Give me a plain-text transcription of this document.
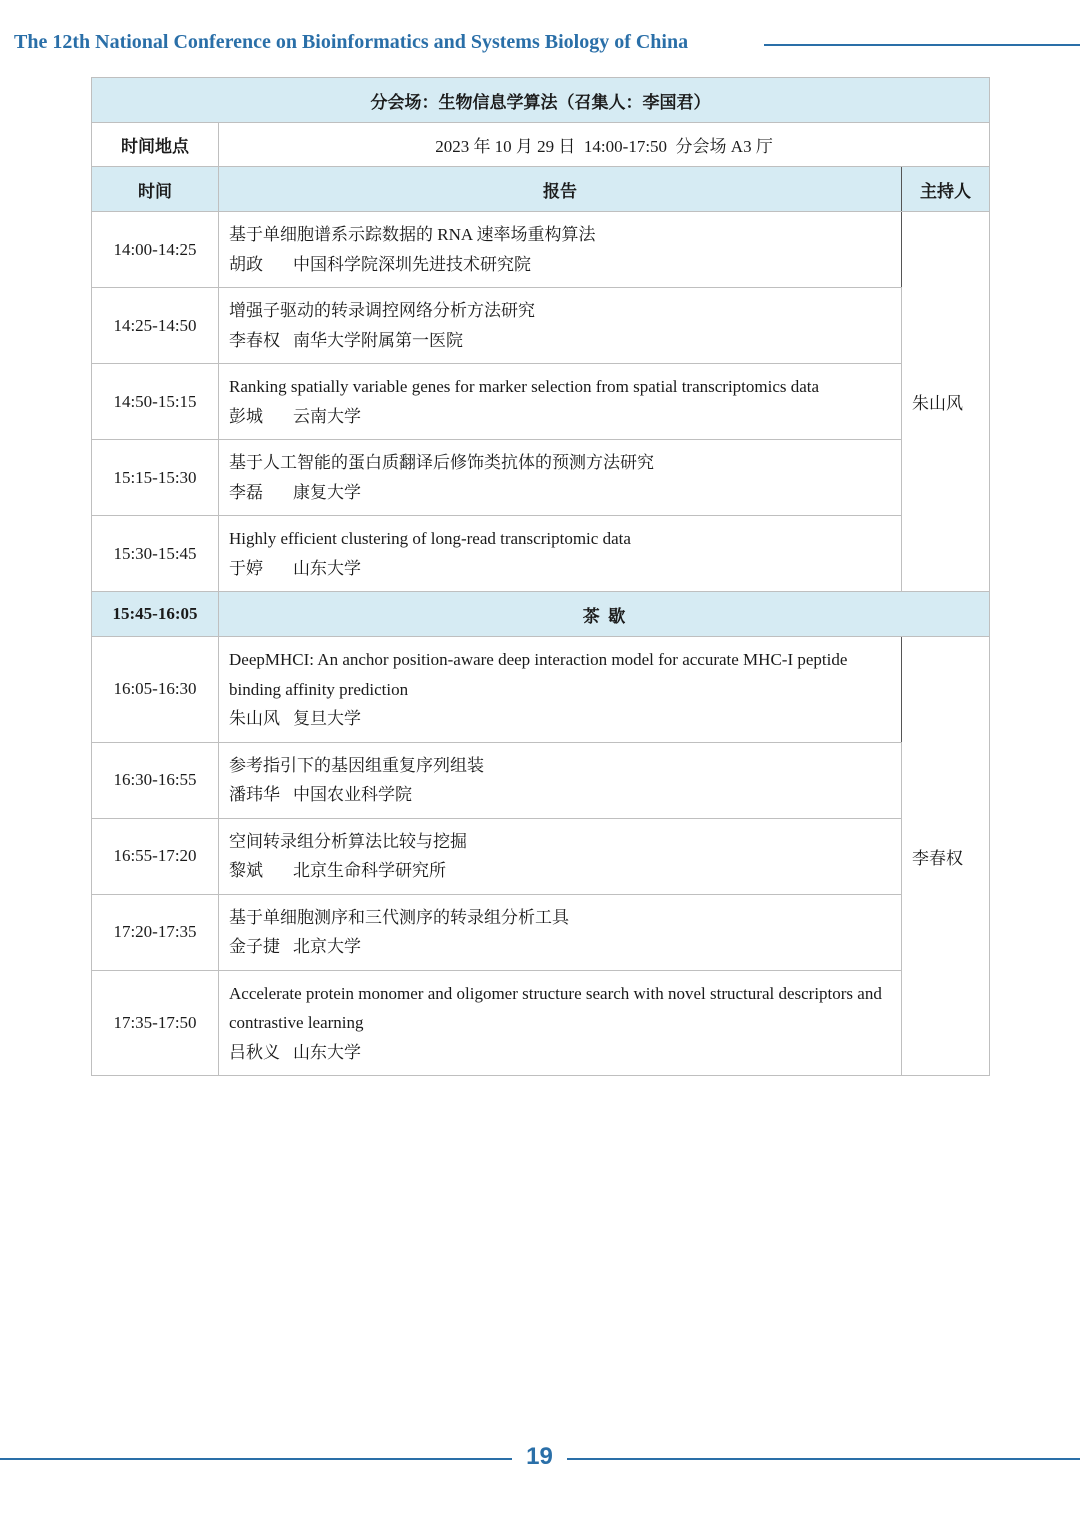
The 12th National Conference on Bioinformatics and Systems Biology of China
分会场：生物信息学算法（召集人：李国君）		
时间地点	2023 年 10 月 29 日  14:00-17:50  分会场 A3 厅	
时间	报告	主持人
14:00-14:25	基于单细胞谱系示踪数据的 RNA 速率场重构算法
胡政 中国科学院深圳先进技术研究院	朱山风
14:25-14:50	增强子驱动的转录调控网络分析方法研究
李春权 南华大学附属第一医院	

14:50-15:15	Ranking spatially variable genes for marker selection from spatial transcriptomics data
彭城 云南大学	

15:15-15:30	基于人工智能的蛋白质翻译后修饰类抗体的预测方法研究
李磊 康复大学	

15:30-15:45	Highly efficient clustering of long-read transcriptomic data
于婷 山东大学	

15:45-16:05	茶  歇	
16:05-16:30	DeepMHCI: An anchor position-aware deep interaction model for accurate MHC-I peptide binding affinity prediction
朱山风 复旦大学	李春权
16:30-16:55	参考指引下的基因组重复序列组装
潘玮华 中国农业科学院	

16:55-17:20	空间转录组分析算法比较与挖掘
黎斌 北京生命科学研究所	

17:20-17:35	基于单细胞测序和三代测序的转录组分析工具
金子捷 北京大学	

17:35-17:50	Accelerate protein monomer and oligomer structure search with novel structural descriptors and contrastive learning
吕秋义 山东大学	
19
